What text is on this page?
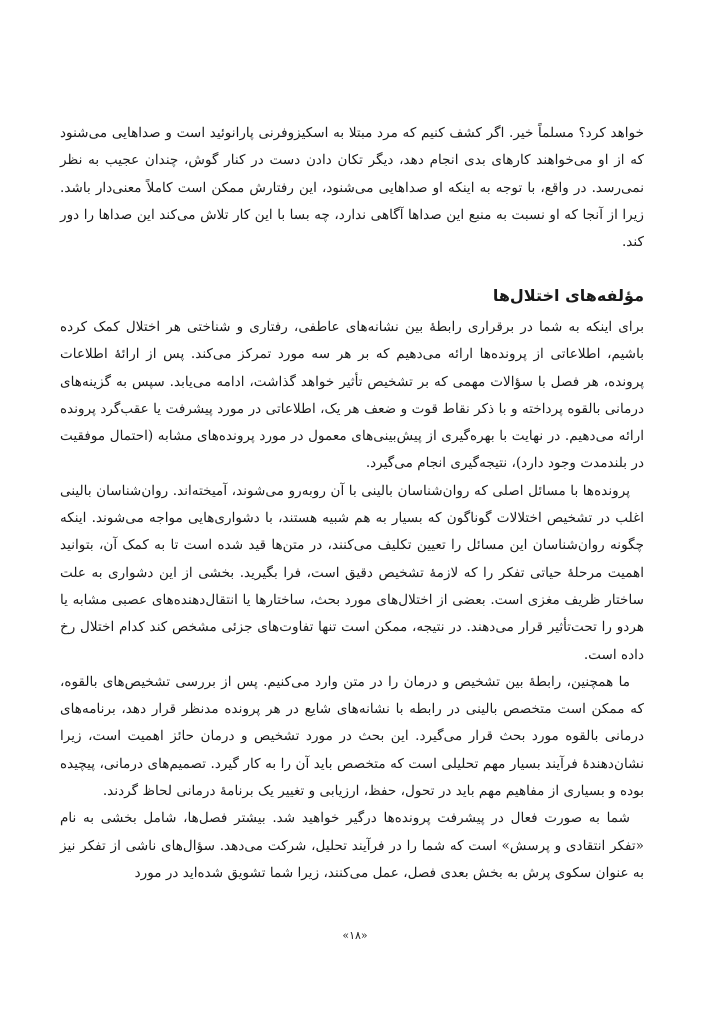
خواهد کرد؟ مسلماً خیر. اگر کشف کنیم که مرد مبتلا به اسکیزوفرنی پارانوئید است و صداهایی می‌شنود که از او می‌خواهند کارهای بدی انجام دهد، دیگر تکان دادن دست در کنار گوش، چندان عجیب به نظر نمی‌رسد. در واقع، با توجه به اینکه او صداهایی می‌شنود، این رفتارش ممکن است کاملاً معنی‌دار باشد. زیرا از آنجا که او نسبت به منبع این صداها آگاهی ندارد، چه بسا با این کار تلاش می‌کند این صداها را دور کند.

مؤلفه‌های اختلال‌ها

برای اینکه به شما در برقراری رابطهٔ بین نشانه‌های عاطفی، رفتاری و شناختی هر اختلال کمک کرده باشیم، اطلاعاتی از پرونده‌ها ارائه می‌دهیم که بر هر سه مورد تمرکز می‌کند. پس از ارائهٔ اطلاعات پرونده، هر فصل با سؤالات مهمی که بر تشخیص تأثیر خواهد گذاشت، ادامه می‌یابد. سپس به گزینه‌های درمانی بالقوه پرداخته و با ذکر نقاط قوت و ضعف هر یک، اطلاعاتی در مورد پیشرفت یا عقب‌گرد پرونده ارائه می‌دهیم. در نهایت با بهره‌گیری از پیش‌بینی‌های معمول در مورد پرونده‌های مشابه (احتمال موفقیت در بلندمدت وجود دارد)، نتیجه‌گیری انجام می‌گیرد.

پرونده‌ها با مسائل اصلی که روان‌شناسان بالینی با آن روبه‌رو می‌شوند، آمیخته‌اند. روان‌شناسان بالینی اغلب در تشخیص اختلالات گوناگون که بسیار به هم شبیه هستند، با دشواری‌هایی مواجه می‌شوند. اینکه چگونه روان‌شناسان این مسائل را تعیین تکلیف می‌کنند، در متن‌ها قید شده است تا به کمک آن، بتوانید اهمیت مرحلهٔ حیاتی تفکر را که لازمهٔ تشخیص دقیق است، فرا بگیرید. بخشی از این دشواری به علت ساختار ظریف مغزی است. بعضی از اختلال‌های مورد بحث، ساختارها یا انتقال‌دهنده‌های عصبی مشابه یا هردو را تحت‌تأثیر قرار می‌دهند. در نتیجه، ممکن است تنها تفاوت‌های جزئی مشخص کند کدام اختلال رخ داده است.

ما همچنین، رابطهٔ بین تشخیص و درمان را در متن وارد می‌کنیم. پس از بررسی تشخیص‌های بالقوه، که ممکن است متخصص بالینی در رابطه با نشانه‌های شایع در هر پرونده مدنظر قرار دهد، برنامه‌های درمانی بالقوه مورد بحث قرار می‌گیرد. این بحث در مورد تشخیص و درمان حائز اهمیت است، زیرا نشان‌دهندهٔ فرآیند بسیار مهم تحلیلی است که متخصص باید آن را به کار گیرد. تصمیم‌های درمانی، پیچیده بوده و بسیاری از مفاهیم مهم باید در تحول، حفظ، ارزیابی و تغییر یک برنامهٔ درمانی لحاظ گردند.

شما به صورت فعال در پیشرفت پرونده‌ها درگیر خواهید شد. بیشتر فصل‌ها، شامل بخشی به نام «تفکر انتقادی و پرسش» است که شما را در فرآیند تحلیل، شرکت می‌دهد. سؤال‌های ناشی از تفکر نیز به عنوان سکوی پرش به بخش بعدی فصل، عمل می‌کنند، زیرا شما تشویق شده‌اید در مورد

«۱۸»
